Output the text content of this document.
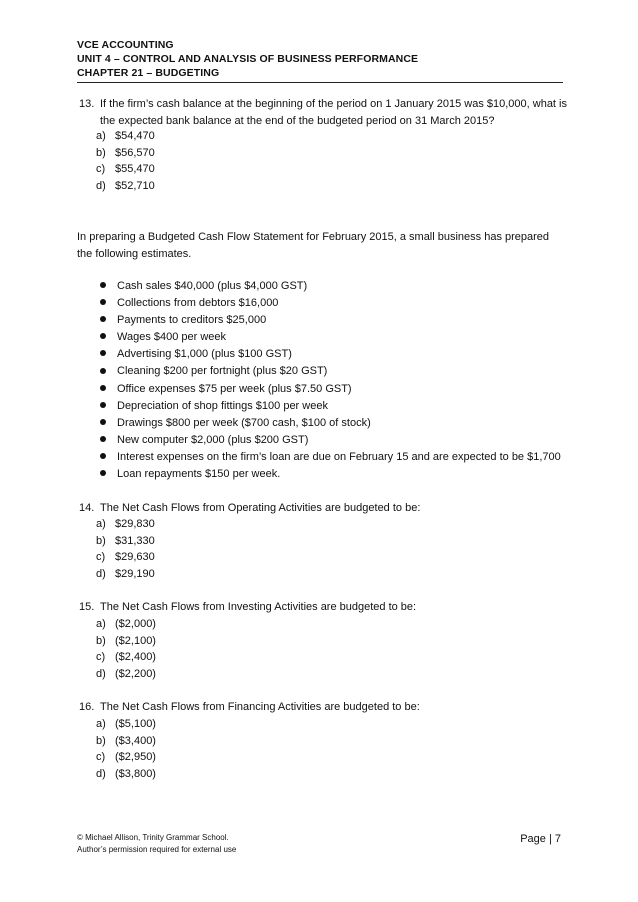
VCE ACCOUNTING
UNIT 4 – CONTROL AND ANALYSIS OF BUSINESS PERFORMANCE
CHAPTER 21 – BUDGETING
13. If the firm’s cash balance at the beginning of the period on 1 January 2015 was $10,000, what is the expected bank balance at the end of the budgeted period on 31 March 2015?
a) $54,470
b) $56,570
c) $55,470
d) $52,710
In preparing a Budgeted Cash Flow Statement for February 2015, a small business has prepared the following estimates.
Cash sales $40,000 (plus $4,000 GST)
Collections from debtors $16,000
Payments to creditors $25,000
Wages $400 per week
Advertising $1,000 (plus $100 GST)
Cleaning $200 per fortnight (plus $20 GST)
Office expenses $75 per week (plus $7.50 GST)
Depreciation of shop fittings $100 per week
Drawings $800 per week ($700 cash, $100 of stock)
New computer $2,000 (plus $200 GST)
Interest expenses on the firm’s loan are due on February 15 and are expected to be $1,700
Loan repayments $150 per week.
14. The Net Cash Flows from Operating Activities are budgeted to be:
a) $29,830
b) $31,330
c) $29,630
d) $29,190
15. The Net Cash Flows from Investing Activities are budgeted to be:
a) ($2,000)
b) ($2,100)
c) ($2,400)
d) ($2,200)
16. The Net Cash Flows from Financing Activities are budgeted to be:
a) ($5,100)
b) ($3,400)
c) ($2,950)
d) ($3,800)
© Michael Allison, Trinity Grammar School.
Author’s permission required for external use
Page | 7
